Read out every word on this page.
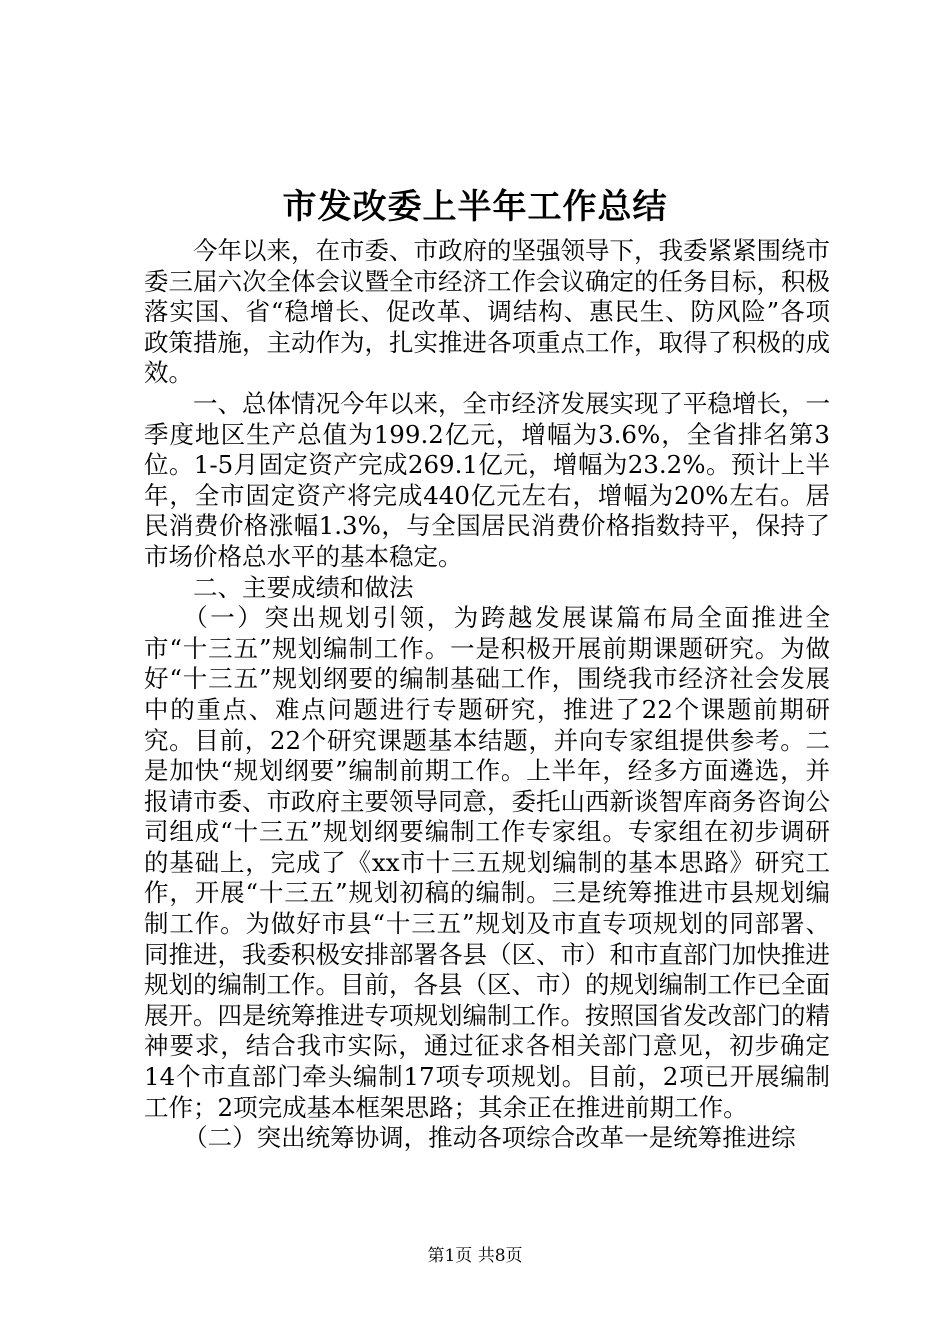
市发改委上半年工作总结

今年以来，在市委、市政府的坚强领导下，我委紧紧围绕市委三届六次全体会议暨全市经济工作会议确定的任务目标，积极落实国、省“稳增长、促改革、调结构、惠民生、防风险”各项政策措施，主动作为，扎实推进各项重点工作，取得了积极的成效。

一、总体情况今年以来，全市经济发展实现了平稳增长，一季度地区生产总值为199.2亿元，增幅为3.6%，全省排名第3位。1-5月固定资产完成269.1亿元，增幅为23.2%。预计上半年，全市固定资产将完成440亿元左右，增幅为20%左右。居民消费价格涨幅1.3%，与全国居民消费价格指数持平，保持了市场价格总水平的基本稳定。

二、主要成绩和做法

（一）突出规划引领，为跨越发展谋篇布局全面推进全市“十三五”规划编制工作。一是积极开展前期课题研究。为做好“十三五”规划纲要的编制基础工作，围绕我市经济社会发展中的重点、难点问题进行专题研究，推进了22个课题前期研究。目前，22个研究课题基本结题，并向专家组提供参考。二是加快“规划纲要”编制前期工作。上半年，经多方面遴选，并报请市委、市政府主要领导同意，委托山西新谈智库商务咨询公司组成“十三五”规划纲要编制工作专家组。专家组在初步调研的基础上，完成了《xx市十三五规划编制的基本思路》研究工作，开展“十三五”规划初稿的编制。三是统筹推进市县规划编制工作。为做好市县“十三五”规划及市直专项规划的同部署、同推进，我委积极安排部署各县（区、市）和市直部门加快推进规划的编制工作。目前，各县（区、市）的规划编制工作已全面展开。四是统筹推进专项规划编制工作。按照国省发改部门的精神要求，结合我市实际，通过征求各相关部门意见，初步确定14个市直部门牵头编制17项专项规划。目前，2项已开展编制工作；2项完成基本框架思路；其余正在推进前期工作。

（二）突出统筹协调，推动各项综合改革一是统筹推进综

第1页 共8页
